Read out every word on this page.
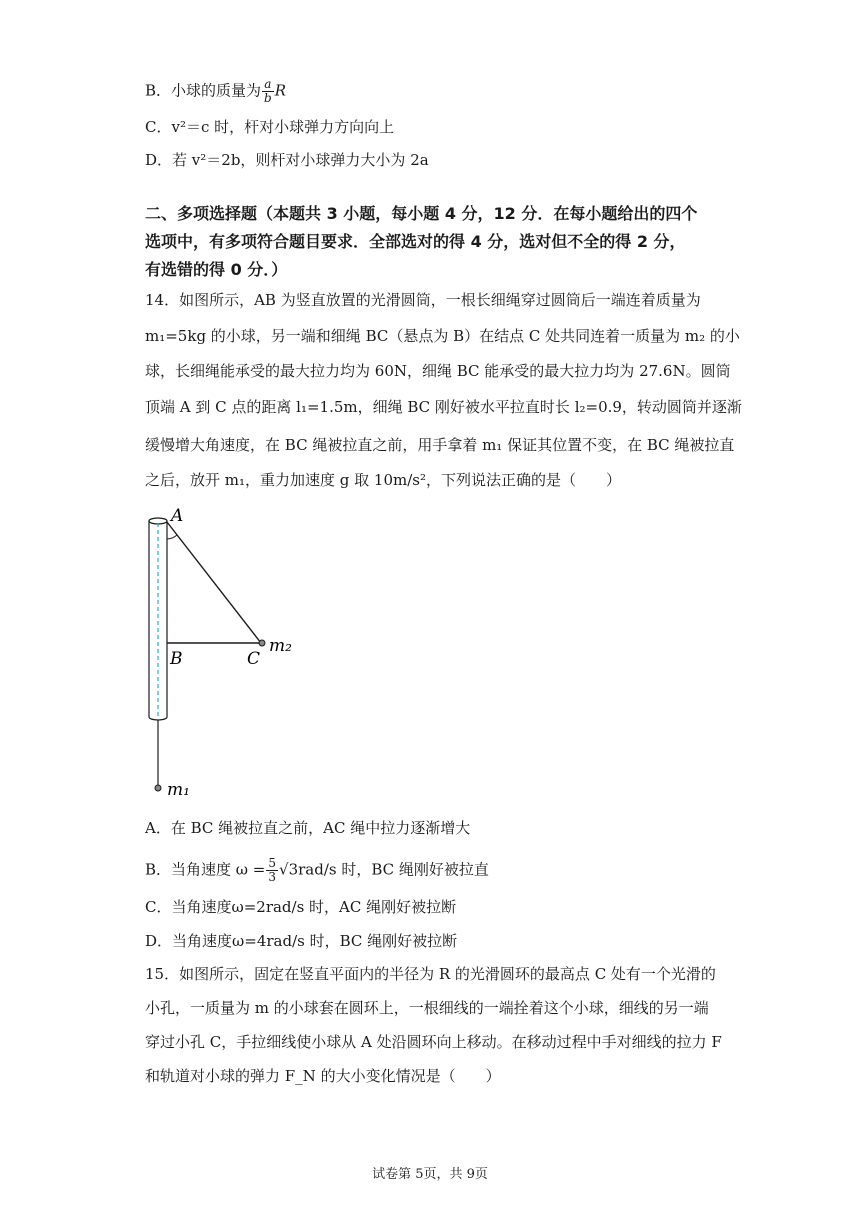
B．小球的质量为 $\frac{a}{b}$ R
C．v²＝c 时，杆对小球弹力方向向上
D．若 v²＝2b，则杆对小球弹力大小为 2a
二、多项选择题（本题共 3 小题，每小题 4 分，12 分．在每小题给出的四个
选项中，有多项符合题目要求．全部选对的得 4 分，选对但不全的得 2 分，
有选错的得 0 分．）
14．如图所示，AB 为竖直放置的光滑圆筒，一根长细绳穿过圆筒后一端连着质量为
m₁=5kg 的小球，另一端和细绳 BC（悬点为 B）在结点 C 处共同连着一质量为 m₂ 的小
球，长细绳能承受的最大拉力均为 60N，细绳 BC 能承受的最大拉力均为 27.6N。圆筒
顶端 A 到 C 点的距离 l₁=1.5m，细绳 BC 刚好被水平拉直时长 l₂=0.9，转动圆筒并逐渐
缓慢增大角速度，在 BC 绳被拉直之前，用手拿着 m₁ 保证其位置不变，在 BC 绳被拉直
之后，放开 m₁，重力加速度 g 取 10m/s²，下列说法正确的是（　　）
A
B	C
m₂
m₁
A．在 BC 绳被拉直之前，AC 绳中拉力逐渐增大
B．当角速度 $\omega = \frac{5}{3} √3rad/s$ 时，BC 绳刚好被拉直
C．当角速度ω=2rad/s 时，AC 绳刚好被拉断
D．当角速度ω=4rad/s 时，BC 绳刚好被拉断
15．如图所示，固定在竖直平面内的半径为 R 的光滑圆环的最高点 C 处有一个光滑的
小孔，一质量为 m 的小球套在圆环上，一根细线的一端拴着这个小球，细线的另一端
穿过小孔 C，手拉细线使小球从 A 处沿圆环向上移动。在移动过程中手对细线的拉力 F
和轨道对小球的弹力 F_N 的大小变化情况是（　　）
试卷第 5页，共 9页
